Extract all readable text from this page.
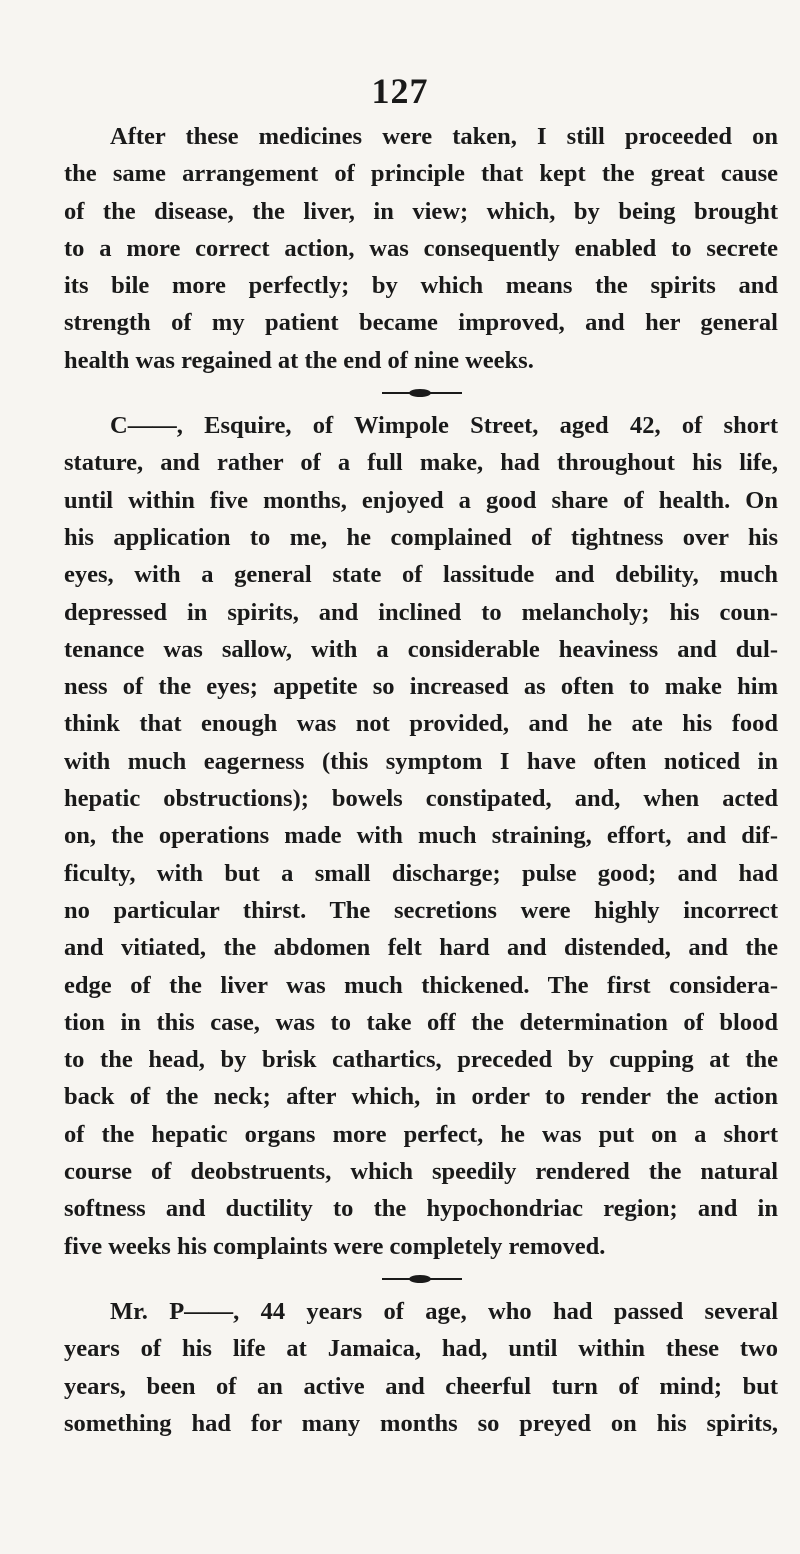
127
After these medicines were taken, I still proceeded on
the same arrangement of principle that kept the great cause
of the disease, the liver, in view; which, by being brought
to a more correct action, was consequently enabled to secrete
its bile more perfectly; by which means the spirits and
strength of my patient became improved, and her general
health was regained at the end of nine weeks.
C——, Esquire, of Wimpole Street, aged 42, of short
stature, and rather of a full make, had throughout his life,
until within five months, enjoyed a good share of health. On
his application to me, he complained of tightness over his
eyes, with a general state of lassitude and debility, much
depressed in spirits, and inclined to melancholy; his coun-
tenance was sallow, with a considerable heaviness and dul-
ness of the eyes; appetite so increased as often to make him
think that enough was not provided, and he ate his food
with much eagerness (this symptom I have often noticed in
hepatic obstructions); bowels constipated, and, when acted
on, the operations made with much straining, effort, and dif-
ficulty, with but a small discharge; pulse good; and had
no particular thirst. The secretions were highly incorrect
and vitiated, the abdomen felt hard and distended, and the
edge of the liver was much thickened. The first considera-
tion in this case, was to take off the determination of blood
to the head, by brisk cathartics, preceded by cupping at the
back of the neck; after which, in order to render the action
of the hepatic organs more perfect, he was put on a short
course of deobstruents, which speedily rendered the natural
softness and ductility to the hypochondriac region; and in
five weeks his complaints were completely removed.
Mr. P——, 44 years of age, who had passed several
years of his life at Jamaica, had, until within these two
years, been of an active and cheerful turn of mind; but
something had for many months so preyed on his spirits,
